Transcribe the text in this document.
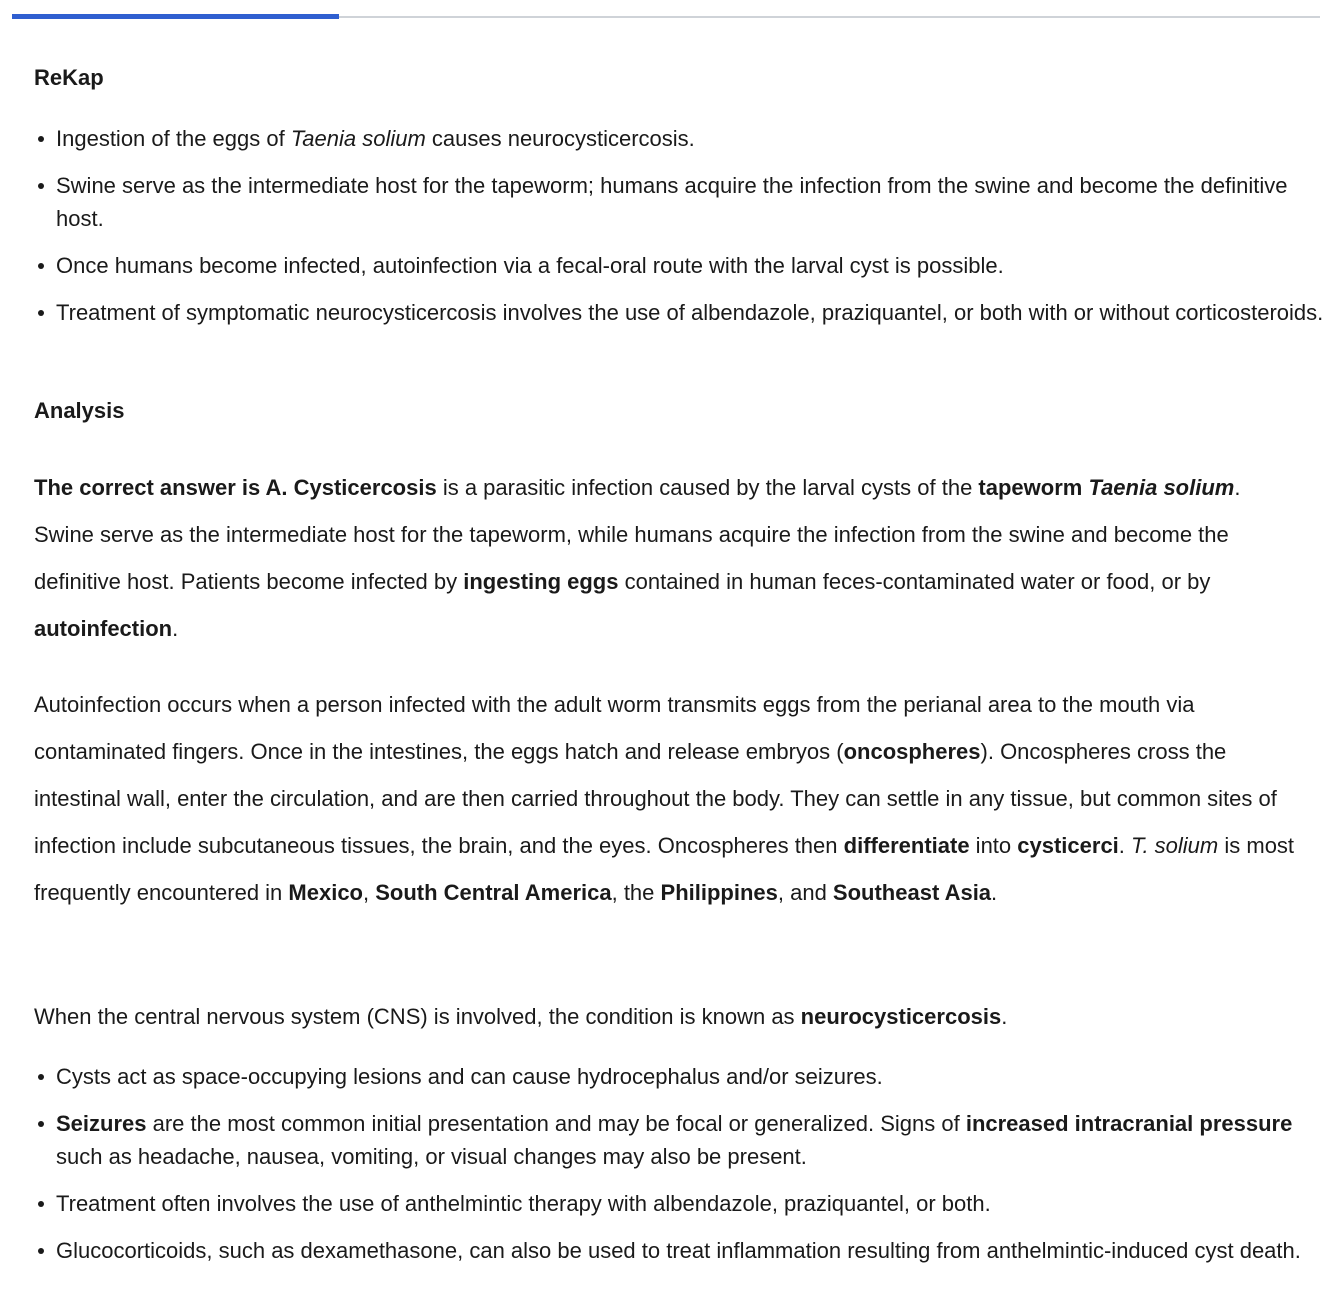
ReKap
Ingestion of the eggs of Taenia solium causes neurocysticercosis.
Swine serve as the intermediate host for the tapeworm; humans acquire the infection from the swine and become the definitive host.
Once humans become infected, autoinfection via a fecal-oral route with the larval cyst is possible.
Treatment of symptomatic neurocysticercosis involves the use of albendazole, praziquantel, or both with or without corticosteroids.
Analysis

The correct answer is A. Cysticercosis is a parasitic infection caused by the larval cysts of the tapeworm Taenia solium. Swine serve as the intermediate host for the tapeworm, while humans acquire the infection from the swine and become the definitive host. Patients become infected by ingesting eggs contained in human feces-contaminated water or food, or by autoinfection.

Autoinfection occurs when a person infected with the adult worm transmits eggs from the perianal area to the mouth via contaminated fingers. Once in the intestines, the eggs hatch and release embryos (oncospheres). Oncospheres cross the intestinal wall, enter the circulation, and are then carried throughout the body. They can settle in any tissue, but common sites of infection include subcutaneous tissues, the brain, and the eyes. Oncospheres then differentiate into cysticerci. T. solium is most frequently encountered in Mexico, South Central America, the Philippines, and Southeast Asia.

When the central nervous system (CNS) is involved, the condition is known as neurocysticercosis.

Cysts act as space-occupying lesions and can cause hydrocephalus and/or seizures.
Seizures are the most common initial presentation and may be focal or generalized. Signs of increased intracranial pressure such as headache, nausea, vomiting, or visual changes may also be present.
Treatment often involves the use of anthelmintic therapy with albendazole, praziquantel, or both.
Glucocorticoids, such as dexamethasone, can also be used to treat inflammation resulting from anthelmintic-induced cyst death.
